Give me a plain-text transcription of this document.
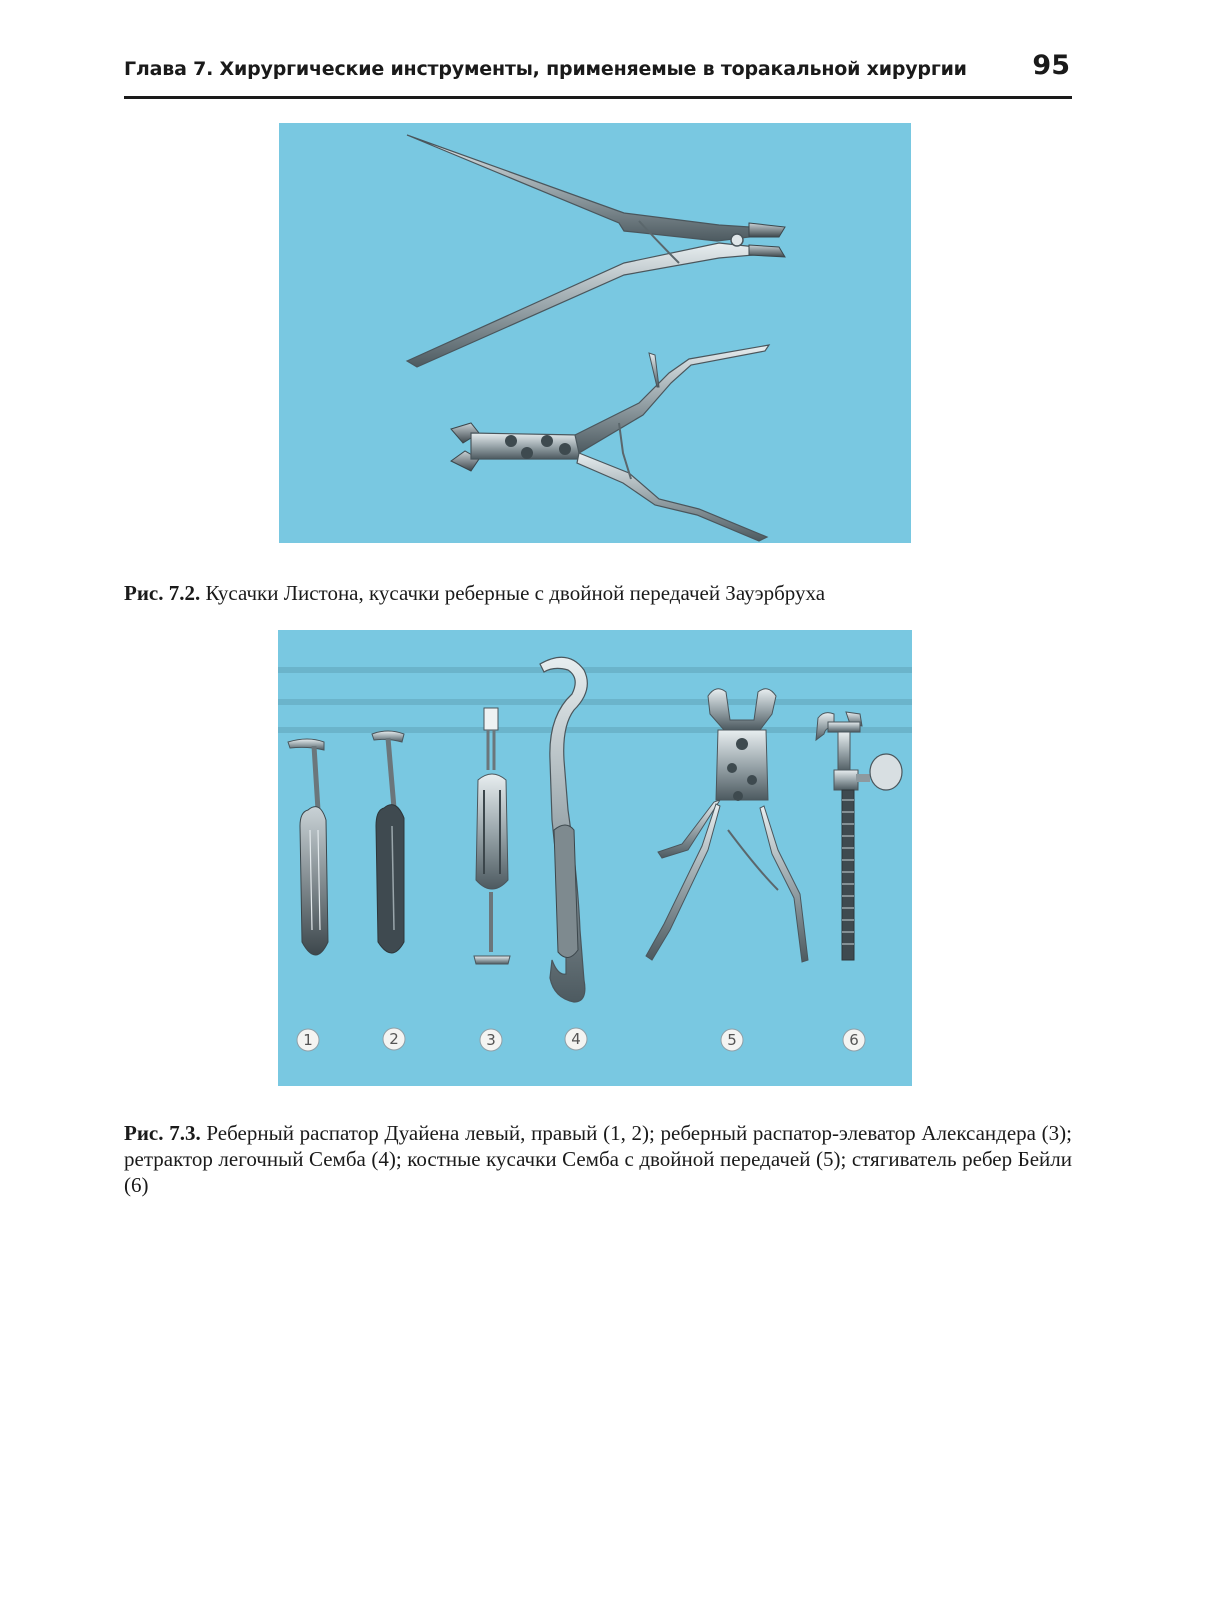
Глава 7. Хирургические инструменты, применяемые в торакальной хирургии 95
Рис. 7.2. Кусачки Листона, кусачки реберные с двойной передачей Зауэрбруха
1	2	3	4	5	6
Рис. 7.3. Реберный распатор Дуайена левый, правый (1, 2); реберный распатор-элеватор Александера (3); ретрактор легочный Семба (4); костные кусачки Семба с двойной передачей (5); стягиватель ребер Бейли (6)
